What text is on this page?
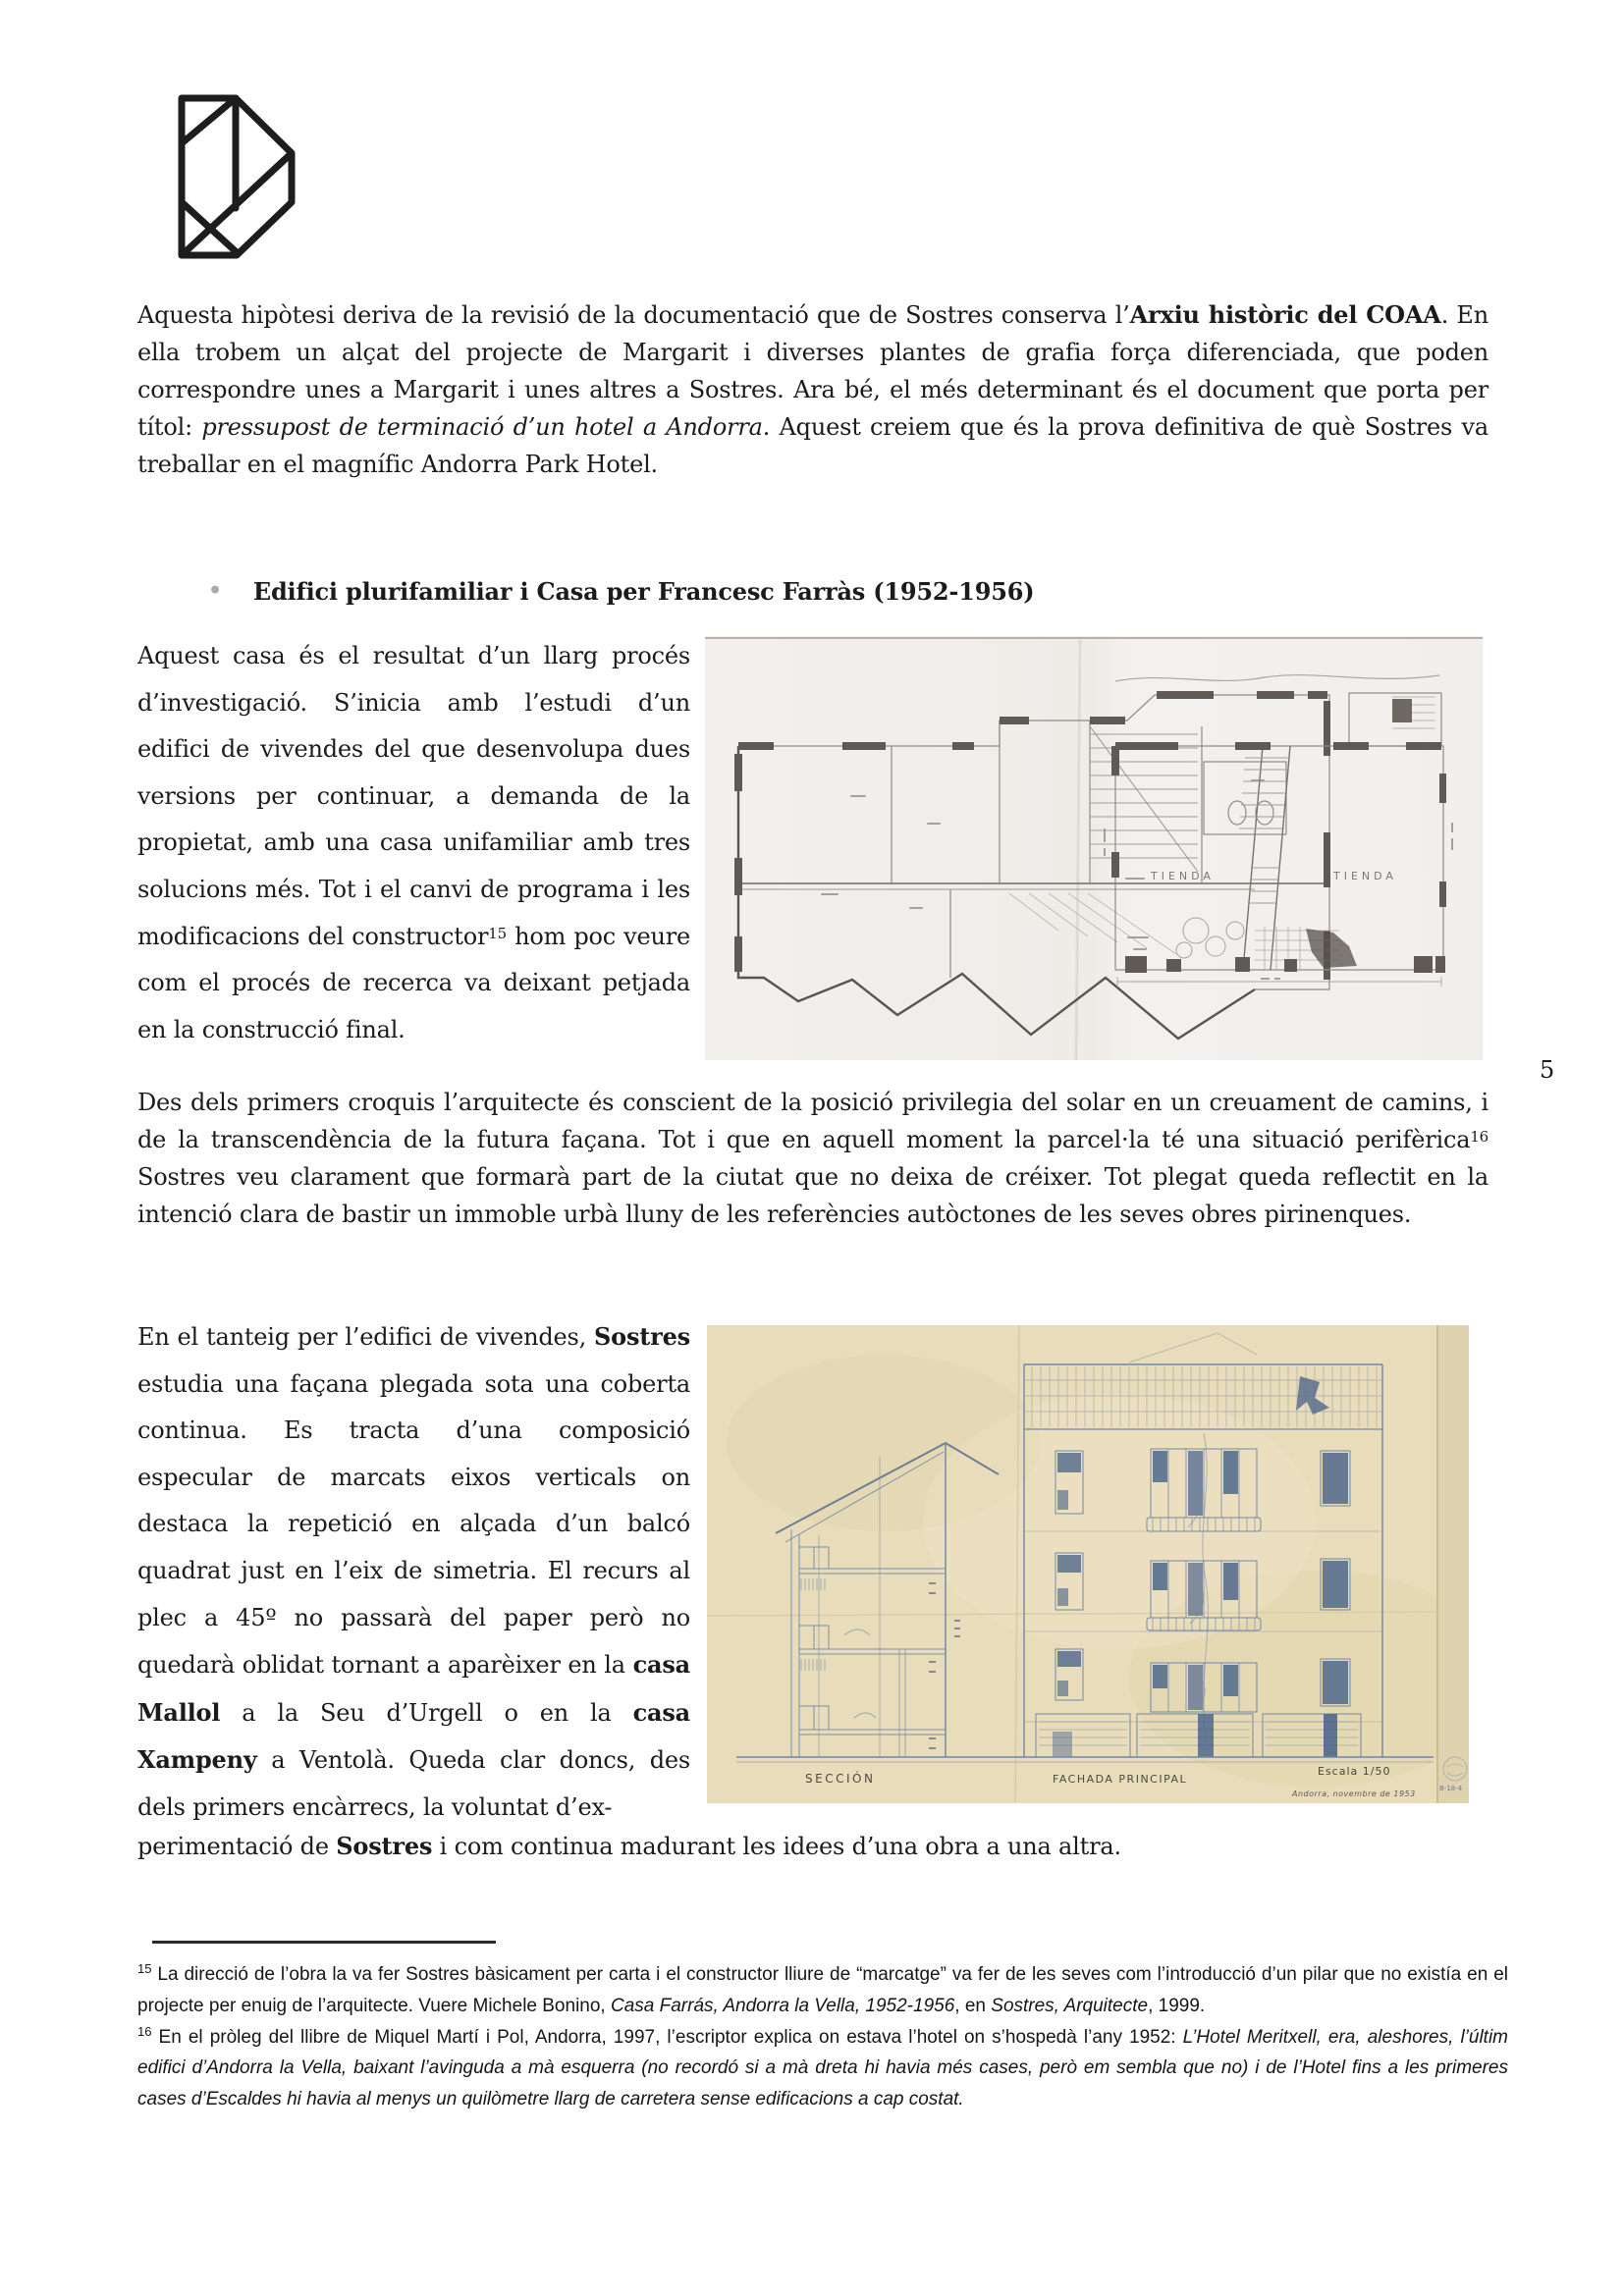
Aquesta hipòtesi deriva de la revisió de la documentació que de Sostres conserva l’Arxiu històric del COAA. En ella trobem un alçat del projecte de Margarit i diverses plantes de grafia força diferenciada, que poden correspondre unes a Margarit i unes altres a Sostres. Ara bé, el més determinant és el document que porta per títol: pressupost de terminació d’un hotel a Andorra. Aquest creiem que és la prova definitiva de què Sostres va treballar en el magnífic Andorra Park Hotel.
• Edifici plurifamiliar i Casa per Francesc Farràs (1952-1956)
Aquest casa és el resultat d’un llarg procés d’investigació. S’inicia amb l’estudi d’un edifici de vivendes del que desenvolupa dues versions per continuar, a demanda de la propietat, amb una casa unifamiliar amb tres solucions més. Tot i el canvi de programa i les modificacions del constructor$^{15}$ hom poc veure com el procés de recerca va deixant petjada en la construcció final.
TIENDA	TIENDA
5
Des dels primers croquis l’arquitecte és conscient de la posició privilegia del solar en un creuament de camins, i de la transcendència de la futura façana. Tot i que en aquell moment la parcel·la té una situació perifèrica$^{16}$ Sostres veu clarament que formarà part de la ciutat que no deixa de créixer. Tot plegat queda reflectit en la intenció clara de bastir un immoble urbà lluny de les referències autòctones de les seves obres pirinenques.
En el tanteig per l’edifici de vivendes, Sostres estudia una façana plegada sota una coberta continua. Es tracta d’una composició especular de marcats eixos verticals on destaca la repetició en alçada d’un balcó quadrat just en l’eix de simetria. El recurs al plec a 45º no passarà del paper però no quedarà oblidat tornant a aparèixer en la casa Mallol a la Seu d’Urgell o en la casa Xampeny a Ventolà. Queda clar doncs, des dels primers encàrrecs, la voluntat d’ex-
SECCIÓN	FACHADA PRINCIPAL
Escala 1/50
Andorra, novembre de 1953
B-18-4
perimentació de Sostres i com continua madurant les idees d’una obra a una altra.

$^{15}$ La direcció de l’obra la va fer Sostres bàsicament per carta i el constructor lliure de “marcatge” va fer de les seves com l’introducció d’un pilar que no existía en el projecte per enuig de l’arquitecte. Vuere Michele Bonino, Casa Farrás, Andorra la Vella, 1952-1956, en Sostres, Arquitecte, 1999.

$^{16}$ En el pròleg del llibre de Miquel Martí i Pol, Andorra, 1997, l’escriptor explica on estava l’hotel on s’hospedà l’any 1952: L’Hotel Meritxell, era, aleshores, l’últim edifici d’Andorra la Vella, baixant l’avinguda a mà esquerra (no recordó si a mà dreta hi havia més cases, però em sembla que no) i de l’Hotel fins a les primeres cases d’Escaldes hi havia al menys un quilòmetre llarg de carretera sense edificacions a cap costat.
